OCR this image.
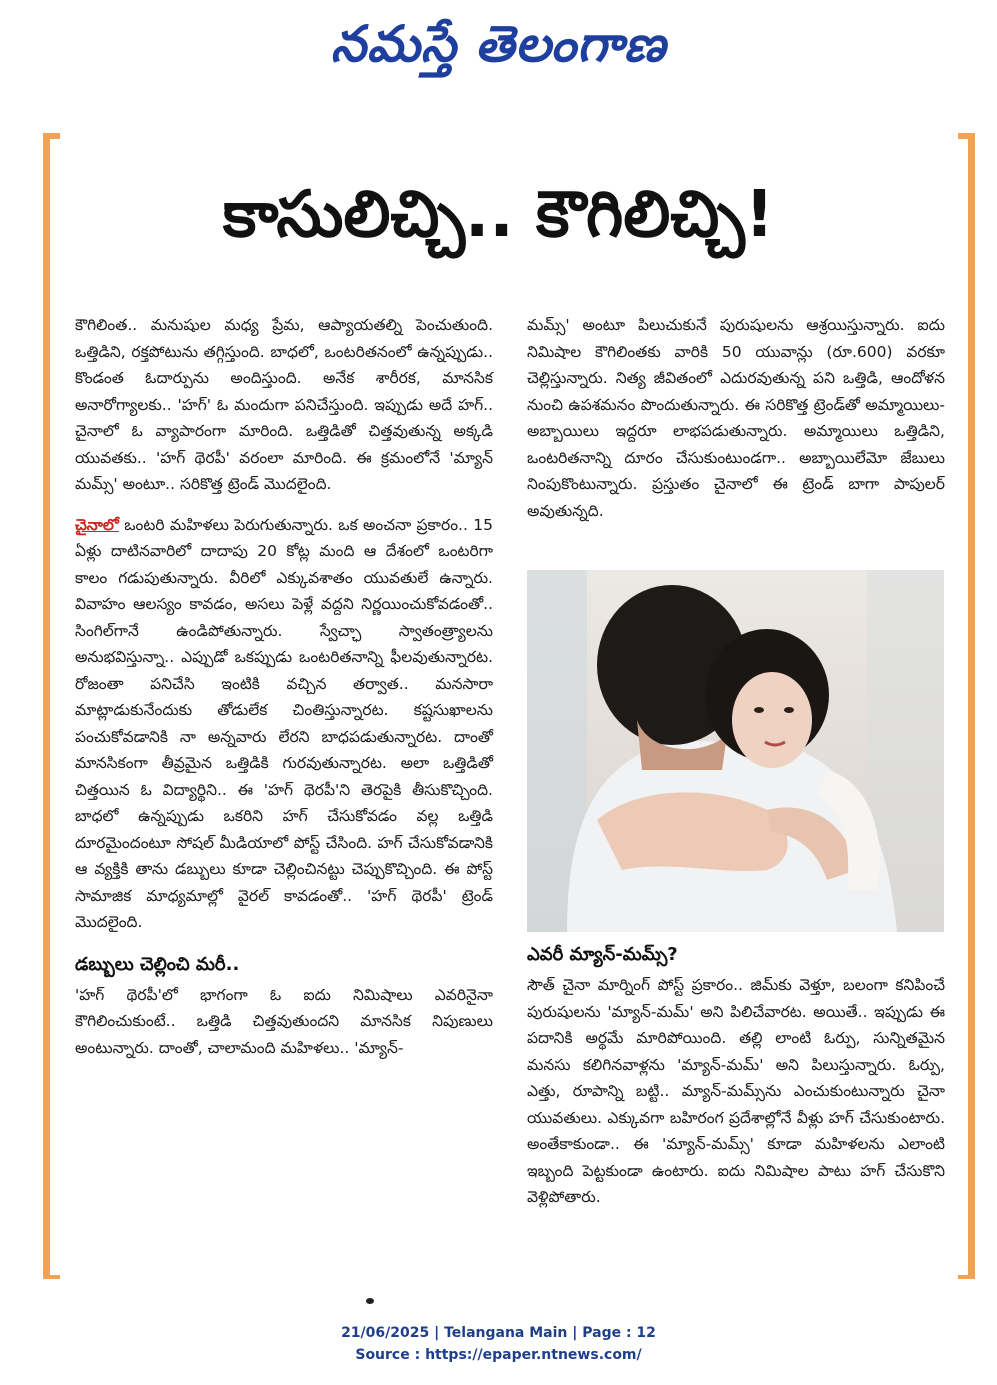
నమస్తే తెలంగాణ
కాసులిచ్చి.. కౌగిలిచ్చి!

కౌగిలింత.. మనుషుల మధ్య ప్రేమ, ఆప్యాయతల్ని పెంచుతుంది. ఒత్తిడిని, రక్తపోటును తగ్గిస్తుంది. బాధలో, ఒంటరితనంలో ఉన్నప్పుడు.. కొండంత ఓదార్పును అందిస్తుంది. అనేక శారీరక, మానసిక అనారోగ్యాలకు.. 'హగ్' ఓ మందుగా పనిచేస్తుంది. ఇప్పుడు అదే హగ్.. చైనాలో ఓ వ్యాపారంగా మారింది. ఒత్తిడితో చిత్తవుతున్న అక్కడి యువతకు.. 'హగ్ థెరపీ' వరంలా మారింది. ఈ క్రమంలోనే 'మ్యాన్ మమ్స్' అంటూ.. సరికొత్త ట్రెండ్ మొదలైంది.

చైనాలో ఒంటరి మహిళలు పెరుగుతున్నారు. ఒక అంచనా ప్రకారం.. 15 ఏళ్లు దాటినవారిలో దాదాపు 20 కోట్ల మంది ఆ దేశంలో ఒంటరిగా కాలం గడుపుతున్నారు. వీరిలో ఎక్కువశాతం యువతులే ఉన్నారు. వివాహం ఆలస్యం కావడం, అసలు పెళ్లే వద్దని నిర్ణయించుకోవడంతో.. సింగిల్‌గానే ఉండిపోతున్నారు. స్వేచ్ఛా స్వాతంత్ర్యాలను అనుభవిస్తున్నా.. ఎప్పుడో ఒకప్పుడు ఒంటరితనాన్ని ఫీలవుతున్నారట. రోజంతా పనిచేసి ఇంటికి వచ్చిన తర్వాత.. మనసారా మాట్లాడుకునేందుకు తోడులేక చింతిస్తున్నారట. కష్టసుఖాలను పంచుకోవడానికి నా అన్నవారు లేరని బాధపడుతున్నారట. దాంతో మానసికంగా తీవ్రమైన ఒత్తిడికి గురవుతున్నారట. అలా ఒత్తిడితో చిత్తయిన ఓ విద్యార్థిని.. ఈ 'హగ్ థెరపీ'ని తెరపైకి తీసుకొచ్చింది. బాధలో ఉన్నప్పుడు ఒకరిని హగ్ చేసుకోవడం వల్ల ఒత్తిడి దూరమైందంటూ సోషల్ మీడియాలో పోస్ట్ చేసింది. హగ్ చేసుకోవడానికి ఆ వ్యక్తికి తాను డబ్బులు కూడా చెల్లించినట్టు చెప్పుకొచ్చింది. ఈ పోస్ట్ సామాజిక మాధ్యమాల్లో వైరల్ కావడంతో.. 'హగ్ థెరపీ' ట్రెండ్ మొదలైంది.

డబ్బులు చెల్లించి మరీ..

'హగ్ థెరపీ'లో భాగంగా ఓ ఐదు నిమిషాలు ఎవరినైనా కౌగిలించుకుంటే.. ఒత్తిడి చిత్తవుతుందని మానసిక నిపుణులు అంటున్నారు. దాంతో, చాలామంది మహిళలు.. 'మ్యాన్-

మమ్స్' అంటూ పిలుచుకునే పురుషులను ఆశ్రయిస్తున్నారు. ఐదు నిమిషాల కౌగిలింతకు వారికి 50 యువాన్లు (రూ.600) వరకూ చెల్లిస్తున్నారు. నిత్య జీవితంలో ఎదురవుతున్న పని ఒత్తిడి, ఆందోళన నుంచి ఉపశమనం పొందుతున్నారు. ఈ సరికొత్త ట్రెండ్‌తో అమ్మాయిలు-అబ్బాయిలు ఇద్దరూ లాభపడుతున్నారు. అమ్మాయిలు ఒత్తిడిని, ఒంటరితనాన్ని దూరం చేసుకుంటుండగా.. అబ్బాయిలేమో జేబులు నింపుకొంటున్నారు. ప్రస్తుతం చైనాలో ఈ ట్రెండ్ బాగా పాపులర్ అవుతున్నది.

ఎవరీ మ్యాన్-మమ్స్?

సౌత్ చైనా మార్నింగ్ పోస్ట్ ప్రకారం.. జిమ్‌కు వెళ్తూ, బలంగా కనిపించే పురుషులను 'మ్యాన్-మమ్' అని పిలిచేవారట. అయితే.. ఇప్పుడు ఈ పదానికి అర్థమే మారిపోయింది. తల్లి లాంటి ఓర్పు, సున్నితమైన మనసు కలిగినవాళ్లను 'మ్యాన్-మమ్' అని పిలుస్తున్నారు. ఓర్పు, ఎత్తు, రూపాన్ని బట్టి.. మ్యాన్-మమ్స్‌ను ఎంచుకుంటున్నారు చైనా యువతులు. ఎక్కువగా బహిరంగ ప్రదేశాల్లోనే వీళ్లు హగ్ చేసుకుంటారు. అంతేకాకుండా.. ఈ 'మ్యాన్-మమ్స్' కూడా మహిళలను ఎలాంటి ఇబ్బంది పెట్టకుండా ఉంటారు. ఐదు నిమిషాల పాటు హగ్ చేసుకొని వెళ్లిపోతారు.

21/06/2025 | Telangana Main | Page : 12
Source : https://epaper.ntnews.com/
